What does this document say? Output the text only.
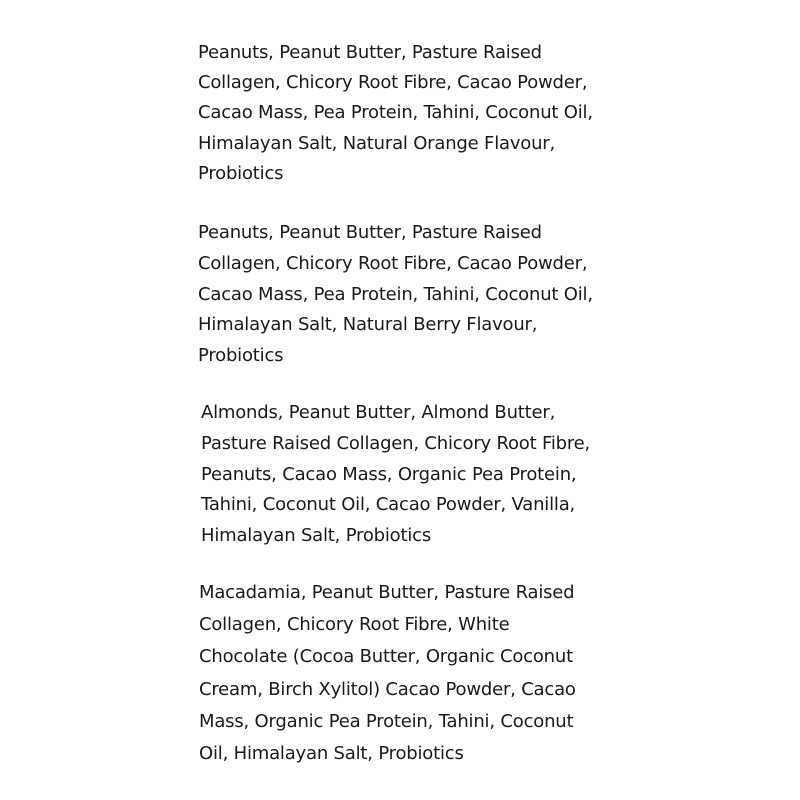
Peanuts, Peanut Butter, Pasture Raised
Collagen, Chicory Root Fibre, Cacao Powder,
Cacao Mass, Pea Protein, Tahini, Coconut Oil,
Himalayan Salt, Natural Orange Flavour,
Probiotics
Peanuts, Peanut Butter, Pasture Raised
Collagen, Chicory Root Fibre, Cacao Powder,
Cacao Mass, Pea Protein, Tahini, Coconut Oil,
Himalayan Salt, Natural Berry Flavour,
Probiotics
Almonds, Peanut Butter, Almond Butter,
Pasture Raised Collagen, Chicory Root Fibre,
Peanuts, Cacao Mass, Organic Pea Protein,
Tahini, Coconut Oil, Cacao Powder, Vanilla,
Himalayan Salt, Probiotics
Macadamia, Peanut Butter, Pasture Raised
Collagen, Chicory Root Fibre, White
Chocolate (Cocoa Butter, Organic Coconut
Cream, Birch Xylitol) Cacao Powder, Cacao
Mass, Organic Pea Protein, Tahini, Coconut
Oil, Himalayan Salt, Probiotics
